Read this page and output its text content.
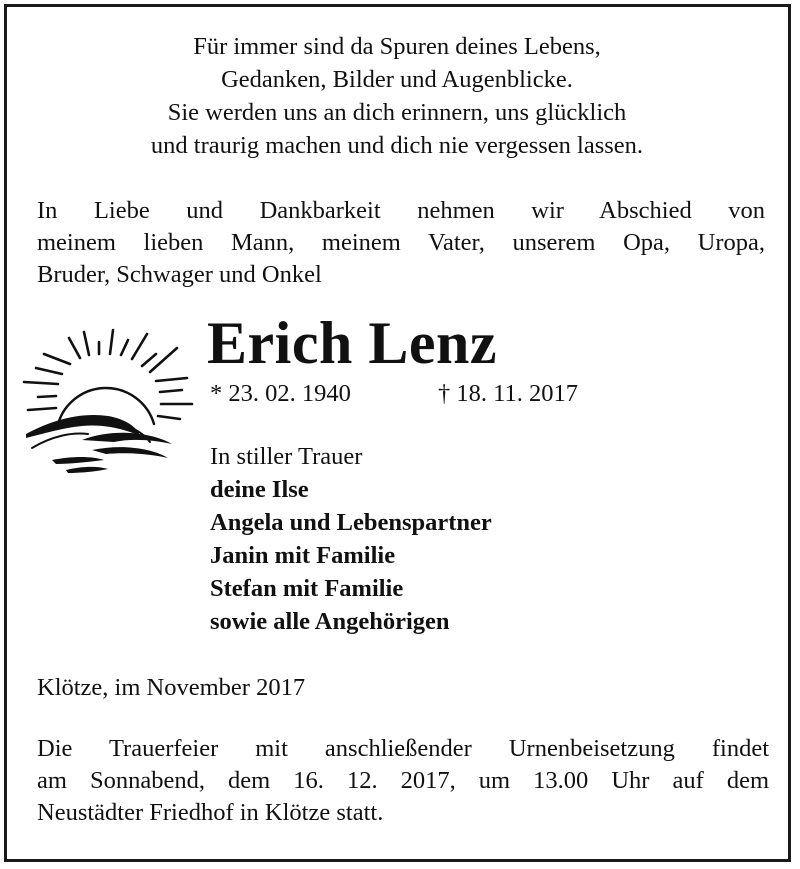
Für immer sind da Spuren deines Lebens,
Gedanken, Bilder und Augenblicke.
Sie werden uns an dich erinnern, uns glücklich
und traurig machen und dich nie vergessen lassen.
In Liebe und Dankbarkeit nehmen wir Abschied von
meinem lieben Mann, meinem Vater, unserem Opa, Uropa,
Bruder, Schwager und Onkel
Erich Lenz
* 23. 02. 1940	† 18. 11. 2017
In stiller Trauer
deine Ilse
Angela und Lebenspartner
Janin mit Familie
Stefan mit Familie
sowie alle Angehörigen
Klötze, im November 2017
Die Trauerfeier mit anschließender Urnenbeisetzung findet
am Sonnabend, dem 16. 12. 2017, um 13.00 Uhr auf dem
Neustädter Friedhof in Klötze statt.
